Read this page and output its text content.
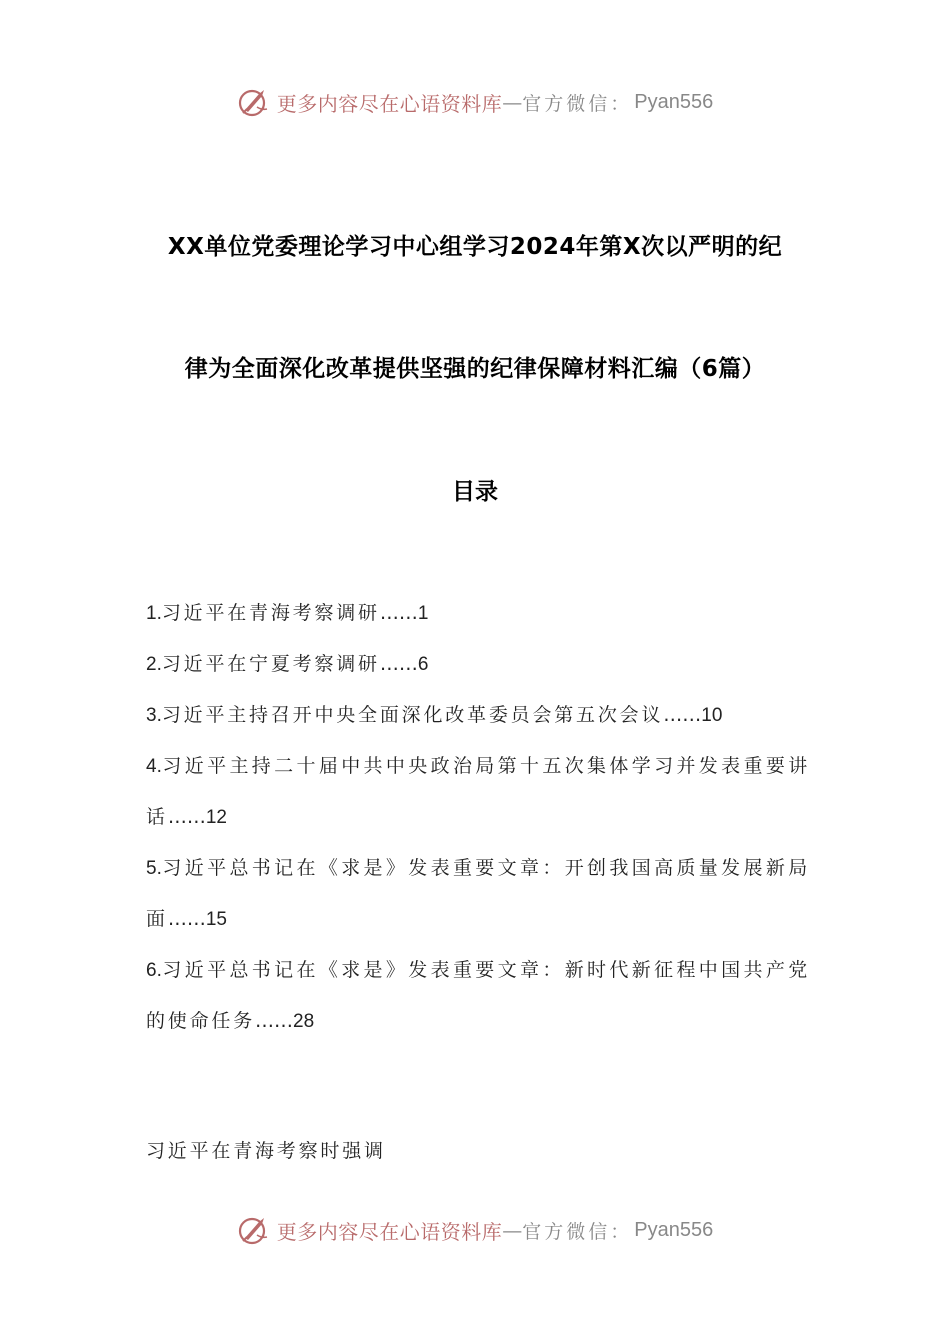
更多内容尽在心语资料库 — 官方微信： Pyan556
XX单位党委理论学习中心组学习2024年第X次以严明的纪
律为全面深化改革提供坚强的纪律保障材料汇编（6篇）
目录
1.习近平在青海考察调研……1
2.习近平在宁夏考察调研……6
3.习近平主持召开中央全面深化改革委员会第五次会议……10
4.习近平主持二十届中共中央政治局第十五次集体学习并发表重要讲话……12
5.习近平总书记在《求是》发表重要文章：开创我国高质量发展新局面……15
6.习近平总书记在《求是》发表重要文章：新时代新征程中国共产党的使命任务……28
习近平在青海考察时强调
更多内容尽在心语资料库 — 官方微信： Pyan556
